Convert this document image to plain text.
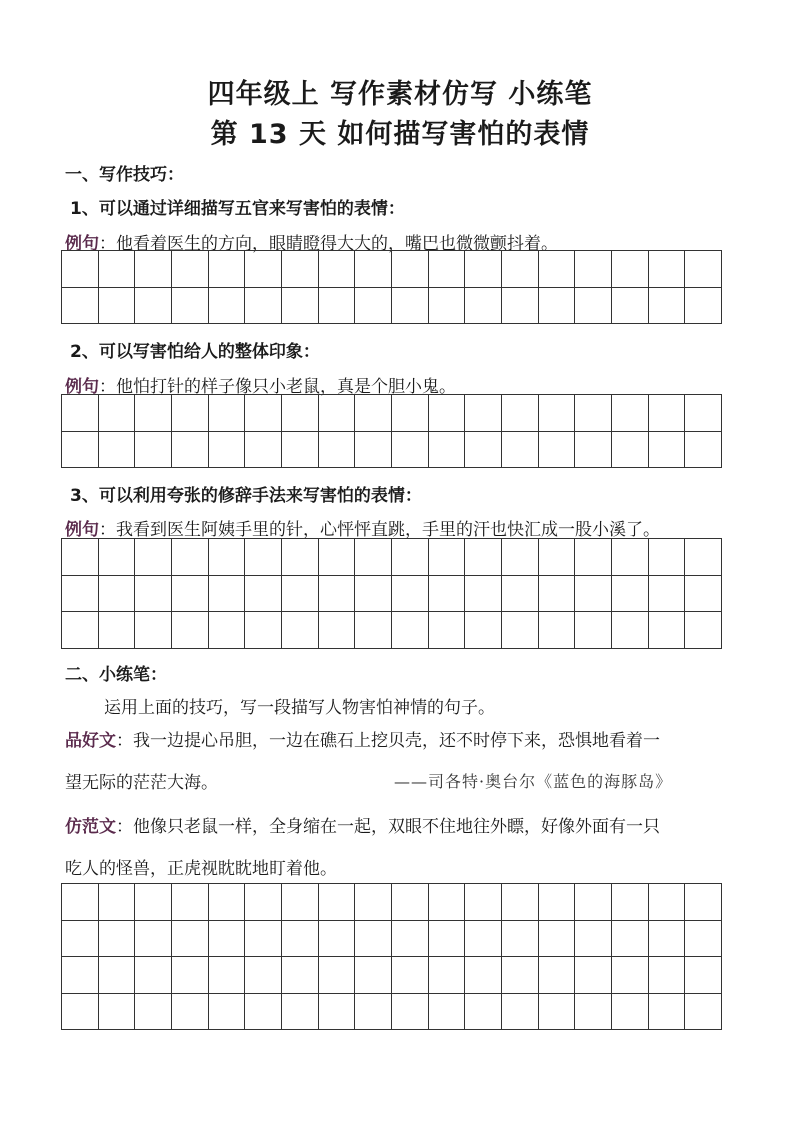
四年级上 写作素材仿写 小练笔
第 13 天 如何描写害怕的表情
一、写作技巧：
1、可以通过详细描写五官来写害怕的表情：
例句：他看着医生的方向，眼睛瞪得大大的，嘴巴也微微颤抖着。

2、可以写害怕给人的整体印象：
例句：他怕打针的样子像只小老鼠，真是个胆小鬼。

3、可以利用夸张的修辞手法来写害怕的表情：
例句：我看到医生阿姨手里的针，心怦怦直跳，手里的汗也快汇成一股小溪了。

二、小练笔：
运用上面的技巧，写一段描写人物害怕神情的句子。
品好文：我一边提心吊胆，一边在礁石上挖贝壳，还不时停下来，恐惧地看着一
望无际的茫茫大海。	——司各特·奥台尔《蓝色的海豚岛》
仿范文：他像只老鼠一样，全身缩在一起，双眼不住地往外瞟，好像外面有一只
吃人的怪兽，正虎视眈眈地盯着他。
